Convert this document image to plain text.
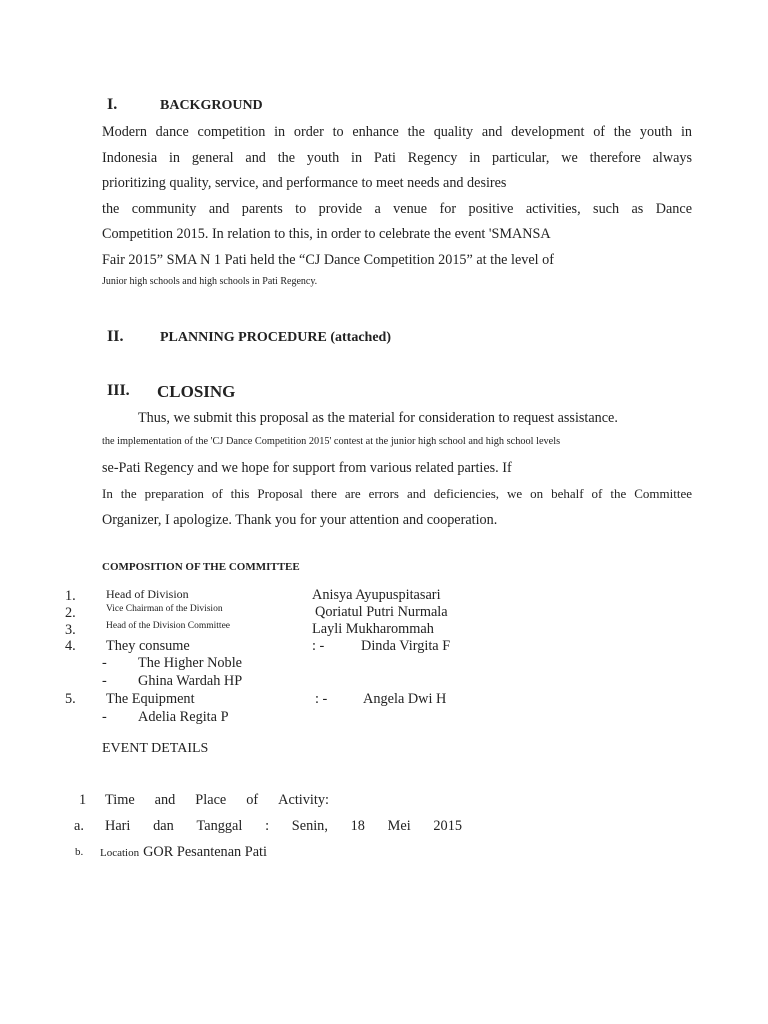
I.	BACKGROUND
Modern dance competition in order to enhance the quality and development of the youth in
Indonesia in general and the youth in Pati Regency in particular, we therefore always
prioritizing quality, service, and performance to meet needs and desires
the community and parents to provide a venue for positive activities, such as Dance
Competition 2015. In relation to this, in order to celebrate the event 'SMANSA
Fair 2015” SMA N 1 Pati held the “CJ Dance Competition 2015” at the level of
Junior high schools and high schools in Pati Regency.
II.	PLANNING PROCEDURE (attached)
III. CLOSING
Thus, we submit this proposal as the material for consideration to request assistance.
the implementation of the 'CJ Dance Competition 2015' contest at the junior high school and high school levels
se-Pati Regency and we hope for support from various related parties. If
In the preparation of this Proposal there are errors and deficiencies, we on behalf of the Committee
Organizer, I apologize. Thank you for your attention and cooperation.
COMPOSITION OF THE COMMITTEE
1.	Head of Division	Anisya Ayupuspitasari
2.	Vice Chairman of the Division	Qoriatul Putri Nurmala
3.	Head of the Division Committee	Layli Mukharommah
4. They consume	: -	Dinda Virgita F
- The Higher Noble
- Ghina Wardah HP
5. The Equipment	: - Angela Dwi H
- Adelia Regita P
EVENT DETAILS
1 Time and Place of Activity:
a. Hari dan Tanggal : Senin, 18 Mei 2015
b. Location GOR Pesantenan Pati
